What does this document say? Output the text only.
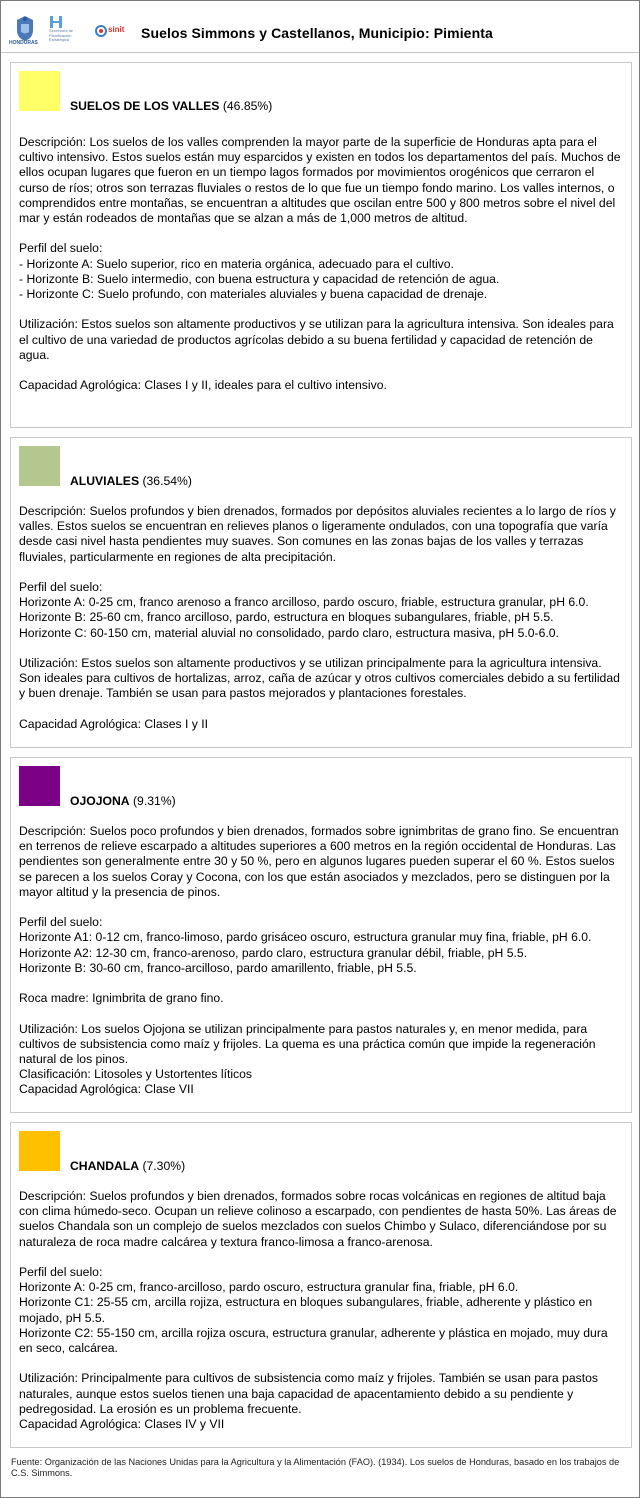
HONDURAS
Secretaría de Planificación Estratégica
sinit Suelos Simmons y Castellanos, Municipio: Pimienta
SUELOS DE LOS VALLES (46.85%)
Descripción: Los suelos de los valles comprenden la mayor parte de la superficie de Honduras apta para el cultivo intensivo. Estos suelos están muy esparcidos y existen en todos los departamentos del país. Muchos de ellos ocupan lugares que fueron en un tiempo lagos formados por movimientos orogénicos que cerraron el curso de ríos; otros son terrazas fluviales o restos de lo que fue un tiempo fondo marino. Los valles internos, o comprendidos entre montañas, se encuentran a altitudes que oscilan entre 500 y 800 metros sobre el nivel del mar y están rodeados de montañas que se alzan a más de 1,000 metros de altitud.

Perfil del suelo:
- Horizonte A: Suelo superior, rico en materia orgánica, adecuado para el cultivo.
- Horizonte B: Suelo intermedio, con buena estructura y capacidad de retención de agua.
- Horizonte C: Suelo profundo, con materiales aluviales y buena capacidad de drenaje.

Utilización: Estos suelos son altamente productivos y se utilizan para la agricultura intensiva. Son ideales para el cultivo de una variedad de productos agrícolas debido a su buena fertilidad y capacidad de retención de agua.

Capacidad Agrológica: Clases I y II, ideales para el cultivo intensivo.
ALUVIALES (36.54%)
Descripción: Suelos profundos y bien drenados, formados por depósitos aluviales recientes a lo largo de ríos y valles. Estos suelos se encuentran en relieves planos o ligeramente ondulados, con una topografía que varía desde casi nivel hasta pendientes muy suaves. Son comunes en las zonas bajas de los valles y terrazas fluviales, particularmente en regiones de alta precipitación.

Perfil del suelo:
Horizonte A: 0-25 cm, franco arenoso a franco arcilloso, pardo oscuro, friable, estructura granular, pH 6.0.
Horizonte B: 25-60 cm, franco arcilloso, pardo, estructura en bloques subangulares, friable, pH 5.5.
Horizonte C: 60-150 cm, material aluvial no consolidado, pardo claro, estructura masiva, pH 5.0-6.0.

Utilización: Estos suelos son altamente productivos y se utilizan principalmente para la agricultura intensiva. Son ideales para cultivos de hortalizas, arroz, caña de azúcar y otros cultivos comerciales debido a su fertilidad y buen drenaje. También se usan para pastos mejorados y plantaciones forestales.

Capacidad Agrológica: Clases I y II
OJOJONA (9.31%)
Descripción: Suelos poco profundos y bien drenados, formados sobre ignimbritas de grano fino. Se encuentran en terrenos de relieve escarpado a altitudes superiores a 600 metros en la región occidental de Honduras. Las pendientes son generalmente entre 30 y 50 %, pero en algunos lugares pueden superar el 60 %. Estos suelos se parecen a los suelos Coray y Cocona, con los que están asociados y mezclados, pero se distinguen por la mayor altitud y la presencia de pinos.

Perfil del suelo:
Horizonte A1: 0-12 cm, franco-limoso, pardo grisáceo oscuro, estructura granular muy fina, friable, pH 6.0.
Horizonte A2: 12-30 cm, franco-arenoso, pardo claro, estructura granular débil, friable, pH 5.5.
Horizonte B: 30-60 cm, franco-arcilloso, pardo amarillento, friable, pH 5.5.

Roca madre: Ignimbrita de grano fino.

Utilización: Los suelos Ojojona se utilizan principalmente para pastos naturales y, en menor medida, para cultivos de subsistencia como maíz y frijoles. La quema es una práctica común que impide la regeneración natural de los pinos.
Clasificación: Litosoles y Ustortentes líticos
Capacidad Agrológica: Clase VII
CHANDALA (7.30%)
Descripción: Suelos profundos y bien drenados, formados sobre rocas volcánicas en regiones de altitud baja con clima húmedo-seco. Ocupan un relieve colinoso a escarpado, con pendientes de hasta 50%. Las áreas de suelos Chandala son un complejo de suelos mezclados con suelos Chimbo y Sulaco, diferenciándose por su naturaleza de roca madre calcárea y textura franco-limosa a franco-arenosa.

Perfil del suelo:
Horizonte A: 0-25 cm, franco-arcilloso, pardo oscuro, estructura granular fina, friable, pH 6.0.
Horizonte C1: 25-55 cm, arcilla rojiza, estructura en bloques subangulares, friable, adherente y plástico en mojado, pH 5.5.
Horizonte C2: 55-150 cm, arcilla rojiza oscura, estructura granular, adherente y plástica en mojado, muy dura en seco, calcárea.

Utilización: Principalmente para cultivos de subsistencia como maíz y frijoles. También se usan para pastos naturales, aunque estos suelos tienen una baja capacidad de apacentamiento debido a su pendiente y pedregosidad. La erosión es un problema frecuente.
Capacidad Agrológica: Clases IV y VII
Fuente: Organización de las Naciones Unidas para la Agricultura y la Alimentación (FAO). (1934). Los suelos de Honduras, basado en los trabajos de C.S. Simmons.
